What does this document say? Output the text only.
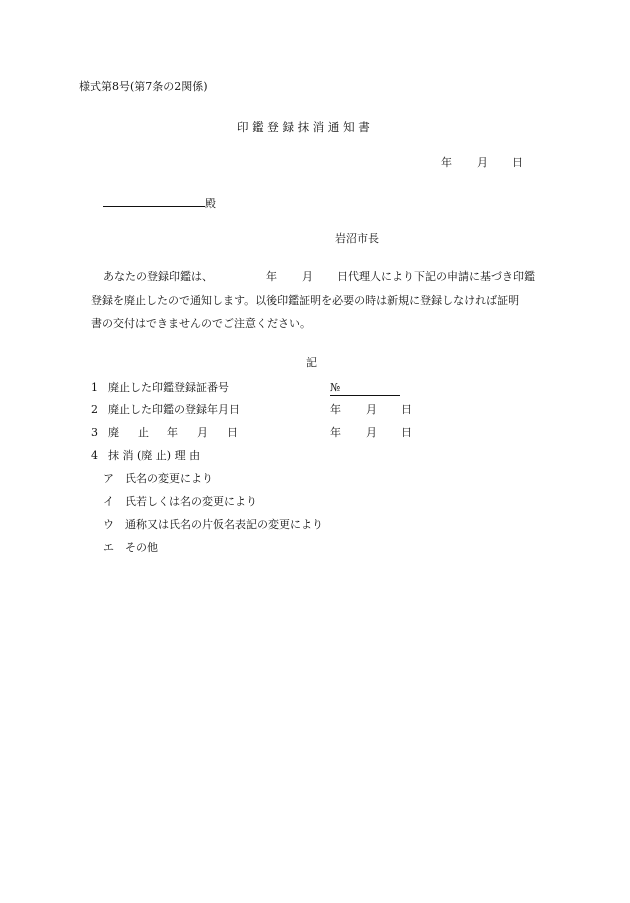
様式第8号(第7条の2関係)
印 鑑 登 録 抹 消 通 知 書
年 月 日
殿
岩沼市長
あなたの登録印鑑は、	年 月 日代理人により下記の申請に基づき印鑑
登録を廃止したので通知します。以後印鑑証明を必要の時は新規に登録しなければ証明
書の交付はできませんのでご注意ください。
記
1 廃止した印鑑登録証番号	№
2 廃止した印鑑の登録年月日	年 月 日
3 廃 止 年 月 日	年 月 日
4 抹 消 (廃 止) 理 由
ア 氏名の変更により
イ 氏若しくは名の変更により
ウ 通称又は氏名の片仮名表記の変更により
エ その他
